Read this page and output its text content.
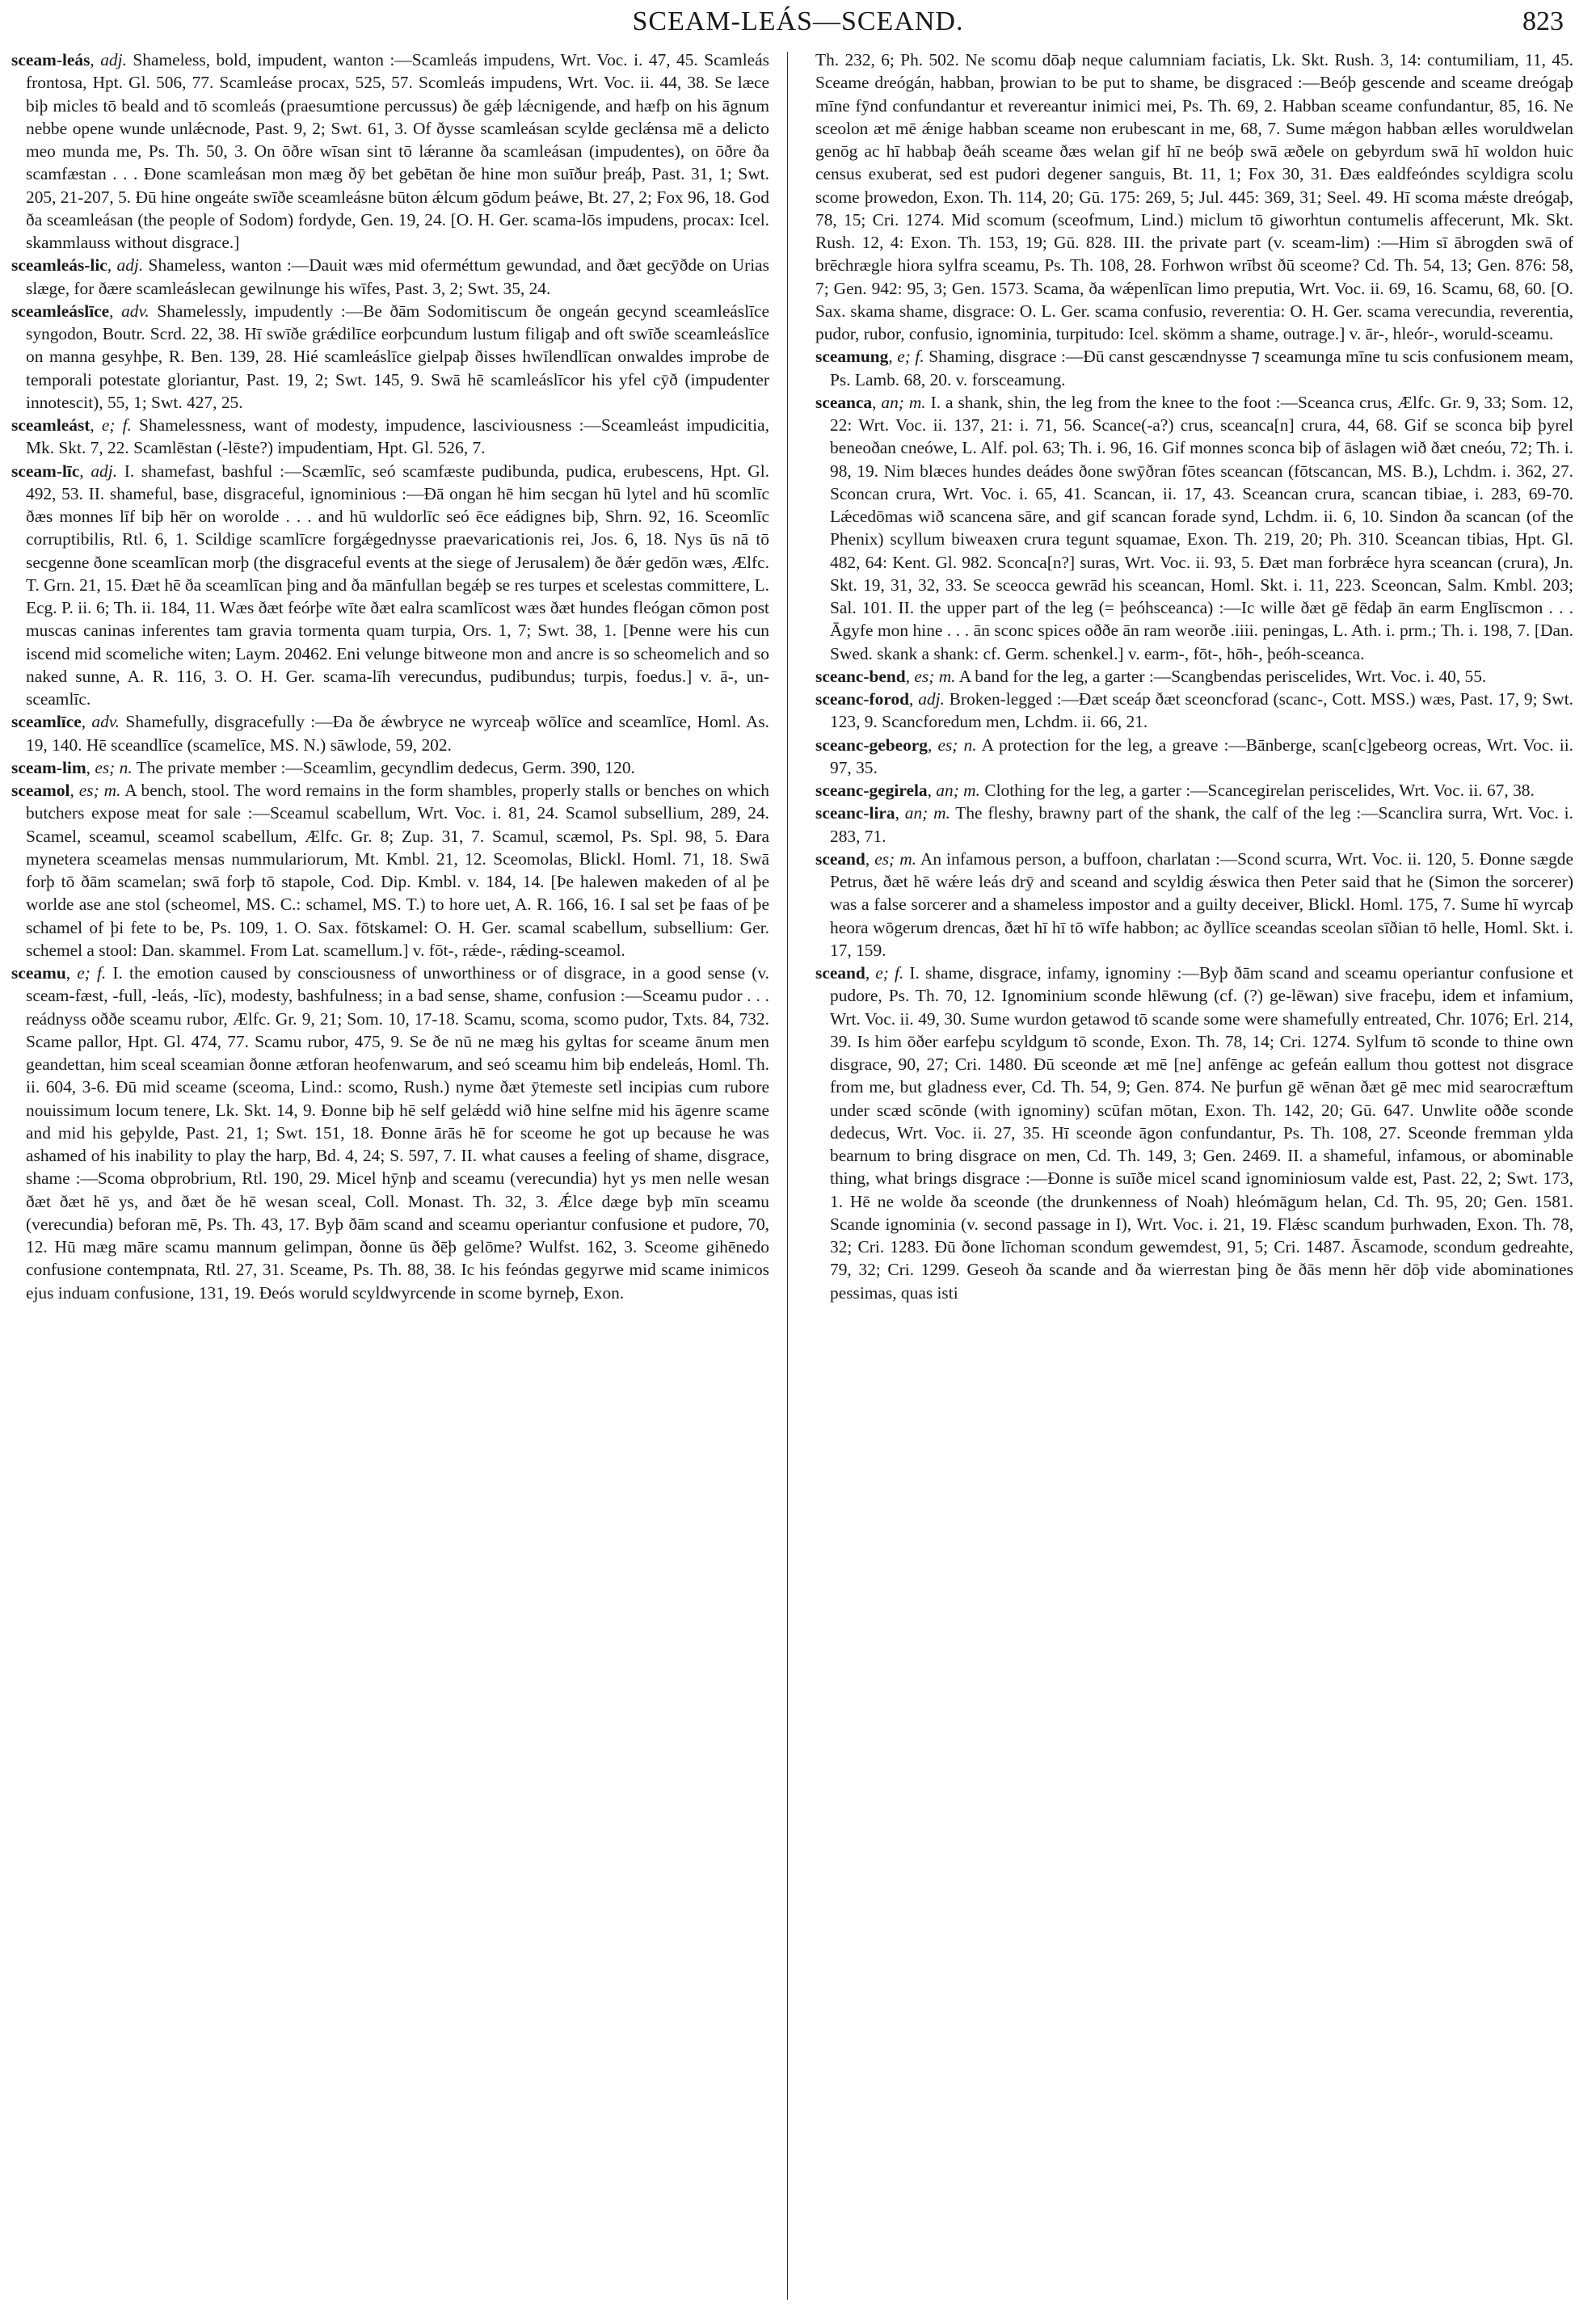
SCEAM-LEÁS—SCEAND.	823

sceam-leás, adj. Shameless, bold, impudent, wanton :—Scamleás impudens, Wrt. Voc. i. 47, 45. Scamleás frontosa, Hpt. Gl. 506, 77. Scamleáse procax, 525, 57. Scomleás impudens, Wrt. Voc. ii. 44, 38. Se læce biþ micles tō beald and tō scomleás (praesumtione percussus) ðe gǽþ lǽcnigende, and hæfþ on his āgnum nebbe opene wunde unlǽcnode, Past. 9, 2; Swt. 61, 3. Of ðysse scamleásan scylde geclǽnsa mē a delicto meo munda me, Ps. Th. 50, 3. On ōðre wīsan sint tō lǽranne ða scamleásan (impudentes), on ōðre ða scamfæstan . . . Ðone scamleásan mon mæg ðȳ bet gebētan ðe hine mon suīður þreáþ, Past. 31, 1; Swt. 205, 21-207, 5. Ðū hine ongeáte swīðe sceamleásne būton ǽlcum gōdum þeáwe, Bt. 27, 2; Fox 96, 18. God ða sceamleásan (the people of Sodom) fordyde, Gen. 19, 24. [O. H. Ger. scama-lōs impudens, procax: Icel. skammlauss without disgrace.]

sceamleás-lic, adj. Shameless, wanton :—Dauit wæs mid oferméttum gewundad, and ðæt gecȳðde on Urias slæge, for ðære scamleáslecan gewilnunge his wīfes, Past. 3, 2; Swt. 35, 24.

sceamleáslīce, adv. Shamelessly, impudently :—Be ðām Sodomitiscum ðe ongeán gecynd sceamleáslīce syngodon, Boutr. Scrd. 22, 38. Hī swīðe grǽdilīce eorþcundum lustum filigaþ and oft swīðe sceamleáslīce on manna gesyhþe, R. Ben. 139, 28. Hié scamleáslīce gielpaþ ðisses hwīlendlīcan onwaldes improbe de temporali potestate gloriantur, Past. 19, 2; Swt. 145, 9. Swā hē scamleáslīcor his yfel cȳð (impudenter innotescit), 55, 1; Swt. 427, 25.

sceamleást, e; f. Shamelessness, want of modesty, impudence, lasciviousness :—Sceamleást impudicitia, Mk. Skt. 7, 22. Scamlēstan (-lēste?) impudentiam, Hpt. Gl. 526, 7.

sceam-līc, adj. I. shamefast, bashful :—Scæmlīc, seó scamfæste pudibunda, pudica, erubescens, Hpt. Gl. 492, 53. II. shameful, base, disgraceful, ignominious :—Ðā ongan hē him secgan hū lytel and hū scomlīc ðæs monnes līf biþ hēr on worolde . . . and hū wuldorlīc seó ēce eádignes biþ, Shrn. 92, 16. Sceomlīc corruptibilis, Rtl. 6, 1. Scildige scamlīcre forgǽgednysse praevaricationis rei, Jos. 6, 18. Nys ūs nā tō secgenne ðone sceamlīcan morþ (the disgraceful events at the siege of Jerusalem) ðe ðǽr gedōn wæs, Ælfc. T. Grn. 21, 15. Ðæt hē ða sceamlīcan þing and ða mānfullan begǽþ se res turpes et scelestas committere, L. Ecg. P. ii. 6; Th. ii. 184, 11. Wæs ðæt feórþe wīte ðæt ealra scamlīcost wæs ðæt hundes fleógan cōmon post muscas caninas inferentes tam gravia tormenta quam turpia, Ors. 1, 7; Swt. 38, 1. [Þenne were his cun iscend mid scomeliche witen; Laym. 20462. Eni velunge bitweone mon and ancre is so scheomelich and so naked sunne, A. R. 116, 3. O. H. Ger. scama-līh verecundus, pudibundus; turpis, foedus.] v. ā-, un-sceamlīc.

sceamlīce, adv. Shamefully, disgracefully :—Ða ðe ǽwbryce ne wyrceaþ wōlīce and sceamlīce, Homl. As. 19, 140. Hē sceandlīce (scamelīce, MS. N.) sāwlode, 59, 202.

sceam-lim, es; n. The private member :—Sceamlim, gecyndlim dedecus, Germ. 390, 120.

sceamol, es; m. A bench, stool. The word remains in the form shambles, properly stalls or benches on which butchers expose meat for sale :—Sceamul scabellum, Wrt. Voc. i. 81, 24. Scamol subsellium, 289, 24. Scamel, sceamul, sceamol scabellum, Ælfc. Gr. 8; Zup. 31, 7. Scamul, scæmol, Ps. Spl. 98, 5. Ðara mynetera sceamelas mensas nummulariorum, Mt. Kmbl. 21, 12. Sceomolas, Blickl. Homl. 71, 18. Swā forþ tō ðām scamelan; swā forþ tō stapole, Cod. Dip. Kmbl. v. 184, 14. [Þe halewen makeden of al þe worlde ase ane stol (scheomel, MS. C.: schamel, MS. T.) to hore uet, A. R. 166, 16. I sal set þe faas of þe schamel of þi fete to be, Ps. 109, 1. O. Sax. fōtskamel: O. H. Ger. scamal scabellum, subsellium: Ger. schemel a stool: Dan. skammel. From Lat. scamellum.] v. fōt-, rǽde-, rǽding-sceamol.

sceamu, e; f. I. the emotion caused by consciousness of unworthiness or of disgrace, in a good sense (v. sceam-fæst, -full, -leás, -līc), modesty, bashfulness; in a bad sense, shame, confusion :—Sceamu pudor . . . reádnyss oððe sceamu rubor, Ælfc. Gr. 9, 21; Som. 10, 17-18. Scamu, scoma, scomo pudor, Txts. 84, 732. Scame pallor, Hpt. Gl. 474, 77. Scamu rubor, 475, 9. Se ðe nū ne mæg his gyltas for sceame ānum men geandettan, him sceal sceamian ðonne ætforan heofenwarum, and seó sceamu him biþ endeleás, Homl. Th. ii. 604, 3-6. Ðū mid sceame (sceoma, Lind.: scomo, Rush.) nyme ðæt ȳtemeste setl incipias cum rubore nouissimum locum tenere, Lk. Skt. 14, 9. Ðonne biþ hē self gelǽdd wið hine selfne mid his āgenre scame and mid his geþylde, Past. 21, 1; Swt. 151, 18. Ðonne ārās hē for sceome he got up because he was ashamed of his inability to play the harp, Bd. 4, 24; S. 597, 7. II. what causes a feeling of shame, disgrace, shame :—Scoma obprobrium, Rtl. 190, 29. Micel hȳnþ and sceamu (verecundia) hyt ys men nelle wesan ðæt ðæt hē ys, and ðæt ðe hē wesan sceal, Coll. Monast. Th. 32, 3. Ǽlce dæge byþ mīn sceamu (verecundia) beforan mē, Ps. Th. 43, 17. Byþ ðām scand and sceamu operiantur confusione et pudore, 70, 12. Hū mæg māre scamu mannum gelimpan, ðonne ūs ðēþ gelōme? Wulfst. 162, 3. Sceome gihēnedo confusione contempnata, Rtl. 27, 31. Sceame, Ps. Th. 88, 38. Ic his feóndas gegyrwe mid scame inimicos ejus induam confusione, 131, 19. Ðeós woruld scyldwyrcende in scome byrneþ, Exon.

Th. 232, 6; Ph. 502. Ne scomu dōaþ neque calumniam faciatis, Lk. Skt. Rush. 3, 14: contumiliam, 11, 45. Sceame dreógán, habban, þrowian to be put to shame, be disgraced :—Beóþ gescende and sceame dreógaþ mīne fȳnd confundantur et revereantur inimici mei, Ps. Th. 69, 2. Habban sceame confundantur, 85, 16. Ne sceolon æt mē ǽnige habban sceame non erubescant in me, 68, 7. Sume mǽgon habban ælles woruldwelan genōg ac hī habbaþ ðeáh sceame ðæs welan gif hī ne beóþ swā æðele on gebyrdum swā hī woldon huic census exuberat, sed est pudori degener sanguis, Bt. 11, 1; Fox 30, 31. Ðæs ealdfeóndes scyldigra scolu scome þrowedon, Exon. Th. 114, 20; Gū. 175: 269, 5; Jul. 445: 369, 31; Seel. 49. Hī scoma mǽste dreógaþ, 78, 15; Cri. 1274. Mid scomum (sceofmum, Lind.) miclum tō giworhtun contumelis affecerunt, Mk. Skt. Rush. 12, 4: Exon. Th. 153, 19; Gū. 828. III. the private part (v. sceam-lim) :—Him sī ābrogden swā of brēchrægle hiora sylfra sceamu, Ps. Th. 108, 28. Forhwon wrībst ðū sceome? Cd. Th. 54, 13; Gen. 876: 58, 7; Gen. 942: 95, 3; Gen. 1573. Scama, ða wǽpenlīcan limo preputia, Wrt. Voc. ii. 69, 16. Scamu, 68, 60. [O. Sax. skama shame, disgrace: O. L. Ger. scama confusio, reverentia: O. H. Ger. scama verecundia, reverentia, pudor, rubor, confusio, ignominia, turpitudo: Icel. skömm a shame, outrage.] v. ār-, hleór-, woruld-sceamu.

sceamung, e; f. Shaming, disgrace :—Ðū canst gescændnysse ⁊ sceamunga mīne tu scis confusionem meam, Ps. Lamb. 68, 20. v. forsceamung.

sceanca, an; m. I. a shank, shin, the leg from the knee to the foot :—Sceanca crus, Ælfc. Gr. 9, 33; Som. 12, 22: Wrt. Voc. ii. 137, 21: i. 71, 56. Scance(-a?) crus, sceanca[n] crura, 44, 68. Gif se sconca biþ þyrel beneoðan cneówe, L. Alf. pol. 63; Th. i. 96, 16. Gif monnes sconca biþ of āslagen wið ðæt cneóu, 72; Th. i. 98, 19. Nim blæces hundes deádes ðone swȳðran fōtes sceancan (fōtscancan, MS. B.), Lchdm. i. 362, 27. Sconcan crura, Wrt. Voc. i. 65, 41. Scancan, ii. 17, 43. Sceancan crura, scancan tibiae, i. 283, 69-70. Lǽcedōmas wið scancena sāre, and gif scancan forade synd, Lchdm. ii. 6, 10. Sindon ða scancan (of the Phenix) scyllum biweaxen crura tegunt squamae, Exon. Th. 219, 20; Ph. 310. Sceancan tibias, Hpt. Gl. 482, 64: Kent. Gl. 982. Sconca[n?] suras, Wrt. Voc. ii. 93, 5. Ðæt man forbrǽce hyra sceancan (crura), Jn. Skt. 19, 31, 32, 33. Se sceocca gewrād his sceancan, Homl. Skt. i. 11, 223. Sceoncan, Salm. Kmbl. 203; Sal. 101. II. the upper part of the leg (= þeóhsceanca) :—Ic wille ðæt gē fēdaþ ān earm Englīscmon . . . Āgyfe mon hine . . . ān sconc spices oððe ān ram weorðe .iiii. peningas, L. Ath. i. prm.; Th. i. 198, 7. [Dan. Swed. skank a shank: cf. Germ. schenkel.] v. earm-, fōt-, hōh-, þeóh-sceanca.

sceanc-bend, es; m. A band for the leg, a garter :—Scangbendas periscelides, Wrt. Voc. i. 40, 55.

sceanc-forod, adj. Broken-legged :—Ðæt sceáp ðæt sceoncforad (scanc-, Cott. MSS.) wæs, Past. 17, 9; Swt. 123, 9. Scancforedum men, Lchdm. ii. 66, 21.

sceanc-gebeorg, es; n. A protection for the leg, a greave :—Bānberge, scan[c]gebeorg ocreas, Wrt. Voc. ii. 97, 35.

sceanc-gegirela, an; m. Clothing for the leg, a garter :—Scancegirelan periscelides, Wrt. Voc. ii. 67, 38.

sceanc-lira, an; m. The fleshy, brawny part of the shank, the calf of the leg :—Scanclira surra, Wrt. Voc. i. 283, 71.

sceand, es; m. An infamous person, a buffoon, charlatan :—Scond scurra, Wrt. Voc. ii. 120, 5. Ðonne sægde Petrus, ðæt hē wǽre leás drȳ and sceand and scyldig ǽswica then Peter said that he (Simon the sorcerer) was a false sorcerer and a shameless impostor and a guilty deceiver, Blickl. Homl. 175, 7. Sume hī wyrcaþ heora wōgerum drencas, ðæt hī hī tō wīfe habbon; ac ðyllīce sceandas sceolan sīðian tō helle, Homl. Skt. i. 17, 159.

sceand, e; f. I. shame, disgrace, infamy, ignominy :—Byþ ðām scand and sceamu operiantur confusione et pudore, Ps. Th. 70, 12. Ignominium sconde hlēwung (cf. (?) ge-lēwan) sive fraceþu, idem et infamium, Wrt. Voc. ii. 49, 30. Sume wurdon getawod tō scande some were shamefully entreated, Chr. 1076; Erl. 214, 39. Is him ōðer earfeþu scyldgum tō sconde, Exon. Th. 78, 14; Cri. 1274. Sylfum tō sconde to thine own disgrace, 90, 27; Cri. 1480. Ðū sceonde æt mē [ne] anfēnge ac gefeán eallum thou gottest not disgrace from me, but gladness ever, Cd. Th. 54, 9; Gen. 874. Ne þurfun gē wēnan ðæt gē mec mid searocræftum under scæd scōnde (with ignominy) scūfan mōtan, Exon. Th. 142, 20; Gū. 647. Unwlite oððe sconde dedecus, Wrt. Voc. ii. 27, 35. Hī sceonde āgon confundantur, Ps. Th. 108, 27. Sceonde fremman ylda bearnum to bring disgrace on men, Cd. Th. 149, 3; Gen. 2469. II. a shameful, infamous, or abominable thing, what brings disgrace :—Ðonne is suīðe micel scand ignominiosum valde est, Past. 22, 2; Swt. 173, 1. Hē ne wolde ða sceonde (the drunkenness of Noah) hleómāgum helan, Cd. Th. 95, 20; Gen. 1581. Scande ignominia (v. second passage in I), Wrt. Voc. i. 21, 19. Flǽsc scandum þurhwaden, Exon. Th. 78, 32; Cri. 1283. Ðū ðone līchoman scondum gewemdest, 91, 5; Cri. 1487. Āscamode, scondum gedreahte, 79, 32; Cri. 1299. Geseoh ða scande and ða wierrestan þing ðe ðās menn hēr dōþ vide abominationes pessimas, quas isti
